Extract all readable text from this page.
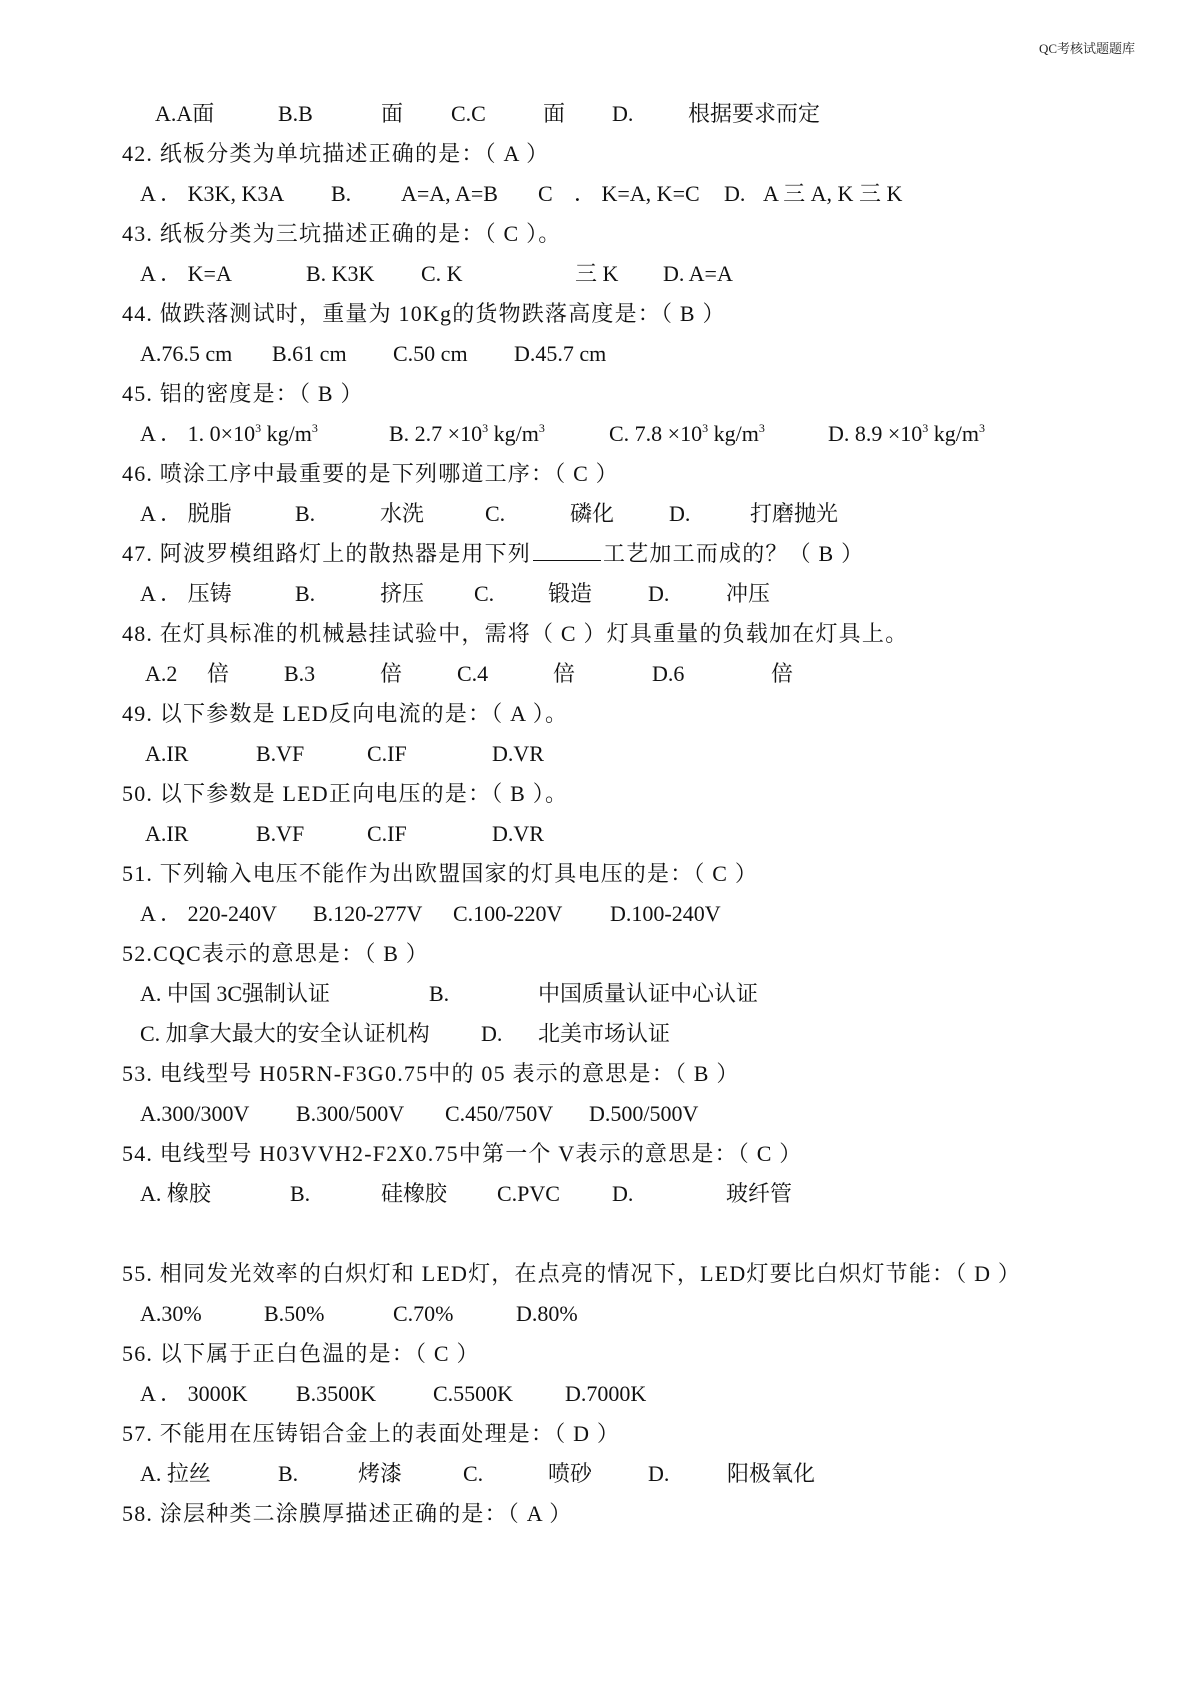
QC考核试题题库
A.A面	B.B	面 C.C	面 D. 根据要求而定
42. 纸板分类为单坑描述正确的是：（ A ）
A ． K3K, K3A B. A=A, A=B C ． K=A, K=C D. A 三 A, K 三 K
43. 纸板分类为三坑描述正确的是：（ C ）。
A ． K=A	B. K3K C. K	三 K D. A=A
44. 做跌落测试时，重量为 10Kg的货物跌落高度是：（ B ）
A.76.5 cm B.61 cm C.50 cm D.45.7 cm
45. 铝的密度是：（ B ）
A ． 1. $0\times 10^3$ $kg/m^3$	B. $2.7 \times 10^3$ $kg/m^3$	C. $7.8 \times 10^3$ $kg/m^3$	D. $8.9 \times 10^3$ $kg/m^3$
46. 喷涂工序中最重要的是下列哪道工序：（ C ）
A ． 脱脂	B.	水洗	C.	磷化 D.	打磨抛光
47. 阿波罗模组路灯上的散热器是用下列	工艺加工而成的？（ B ）
A ． 压铸	B.	挤压 C. 锻造	D.	冲压
48. 在灯具标准的机械悬挂试验中，需将（ C ）灯具重量的负载加在灯具上。
A.2 倍 B.3	倍 C.4	倍	D.6	倍
49. 以下参数是 LED反向电流的是：（ A ）。
A.IR	B.VF	C.IF	D.VR
50. 以下参数是 LED正向电压的是：（ B ）。
A.IR	B.VF	C.IF	D.VR
51. 下列输入电压不能作为出欧盟国家的灯具电压的是：（ C ）
A ． 220-240V B.120-277V C.100-220V D.100-240V
52.CQC表示的意思是：（ B ）
A. 中国 3C强制认证	B.	中国质量认证中心认证
C. 加拿大最大的安全认证机构 D. 北美市场认证
53. 电线型号 H05RN-F3G0.75中的 05 表示的意思是：（ B ）
A.300/300V B.300/500V C.450/750V D.500/500V
54. 电线型号 H03VVH2-F2X0.75中第一个 V表示的意思是：（ C ）
A. 橡胶	B.	硅橡胶 C.PVC D.	玻纤管
55. 相同发光效率的白炽灯和 LED灯，在点亮的情况下，LED灯要比白炽灯节能：（ D ）
A.30%	B.50%	C.70%	D.80%
56. 以下属于正白色温的是：（ C ）
A ． 3000K B.3500K	C.5500K D.7000K
57. 不能用在压铸铝合金上的表面处理是：（ D ）
A. 拉丝	B.	烤漆	C.	喷砂	D.	阳极氧化
58. 涂层种类二涂膜厚描述正确的是：（ A ）
